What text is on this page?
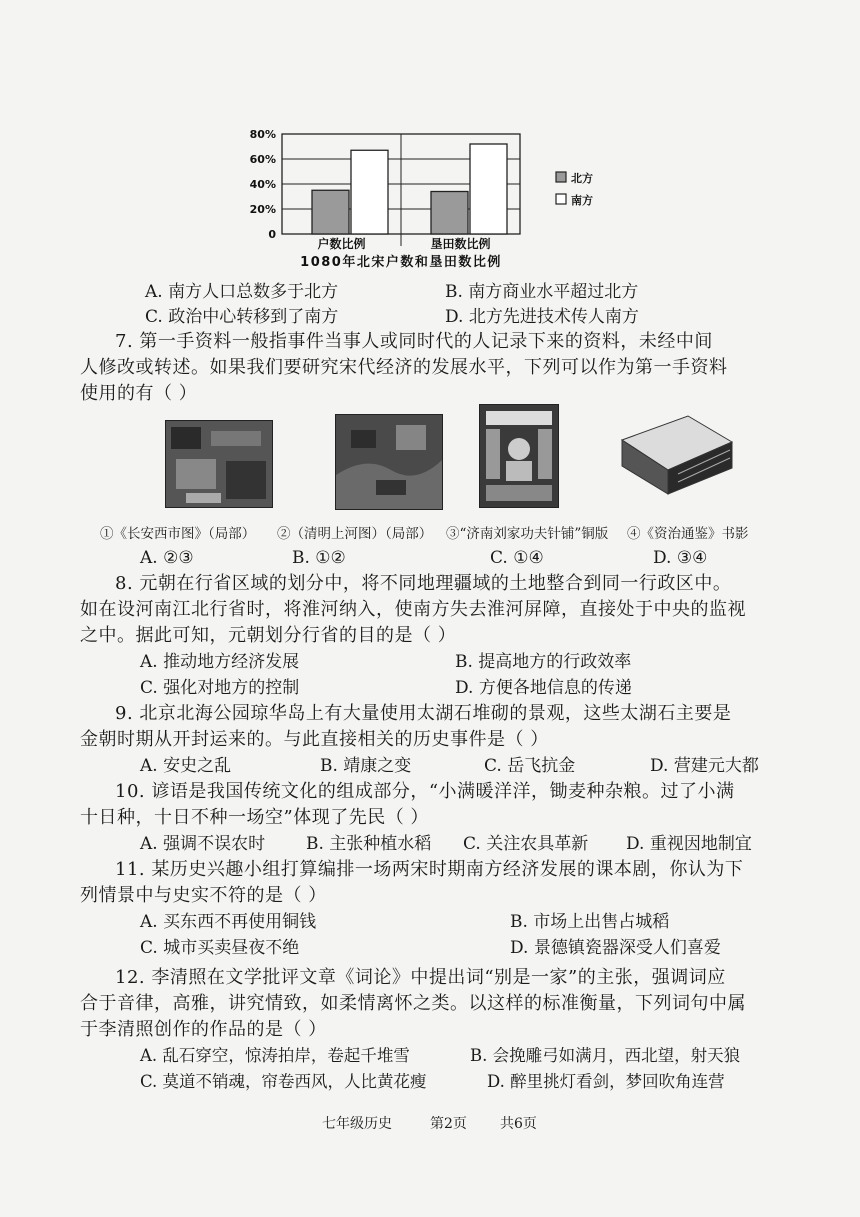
0
20%
40%
60%
80%
户数比例	垦田数比例
1080年北宋户数和垦田数比例
北方
南方
A. 南方人口总数多于北方	B. 南方商业水平超过北方
C. 政治中心转移到了南方	D. 北方先进技术传人南方
7. 第一手资料一般指事件当事人或同时代的人记录下来的资料，未经中间
人修改或转述。如果我们要研究宋代经济的发展水平，下列可以作为第一手资料
使用的有（ ）
①《长安西市图》（局部） ②（清明上河图）（局部） ③“济南刘家功夫针铺”铜版 ④《资治通鉴》书影
A. ②③	B. ①②	C. ①④	D. ③④
8. 元朝在行省区域的划分中，将不同地理疆域的土地整合到同一行政区中。
如在设河南江北行省时，将淮河纳入，使南方失去淮河屏障，直接处于中央的监视
之中。据此可知，元朝划分行省的目的是（ ）
A. 推动地方经济发展	B. 提高地方的行政效率
C. 强化对地方的控制	D. 方便各地信息的传递
9. 北京北海公园琼华岛上有大量使用太湖石堆砌的景观，这些太湖石主要是
金朝时期从开封运来的。与此直接相关的历史事件是（ ）
A. 安史之乱	B. 靖康之变	C. 岳飞抗金	D. 营建元大都
10. 谚语是我国传统文化的组成部分，“小满暖洋洋，锄麦种杂粮。过了小满
十日种，十日不种一场空”体现了先民（ ）
A. 强调不误农时 B. 主张种植水稻 C. 关注农具革新 D. 重视因地制宜
11. 某历史兴趣小组打算编排一场两宋时期南方经济发展的课本剧，你认为下
列情景中与史实不符的是（ ）
A. 买东西不再使用铜钱	B. 市场上出售占城稻
C. 城市买卖昼夜不绝	D. 景德镇瓷器深受人们喜爱
12. 李清照在文学批评文章《词论》中提出词“别是一家”的主张，强调词应
合于音律，高雅，讲究情致，如柔情离怀之类。以这样的标准衡量，下列词句中属
于李清照创作的作品的是（ ）
A. 乱石穿空，惊涛拍岸，卷起千堆雪	B. 会挽雕弓如满月，西北望，射天狼
C. 莫道不销魂，帘卷西风，人比黄花瘦	D. 醉里挑灯看剑，梦回吹角连营
七年级历史	第2页 共6页
